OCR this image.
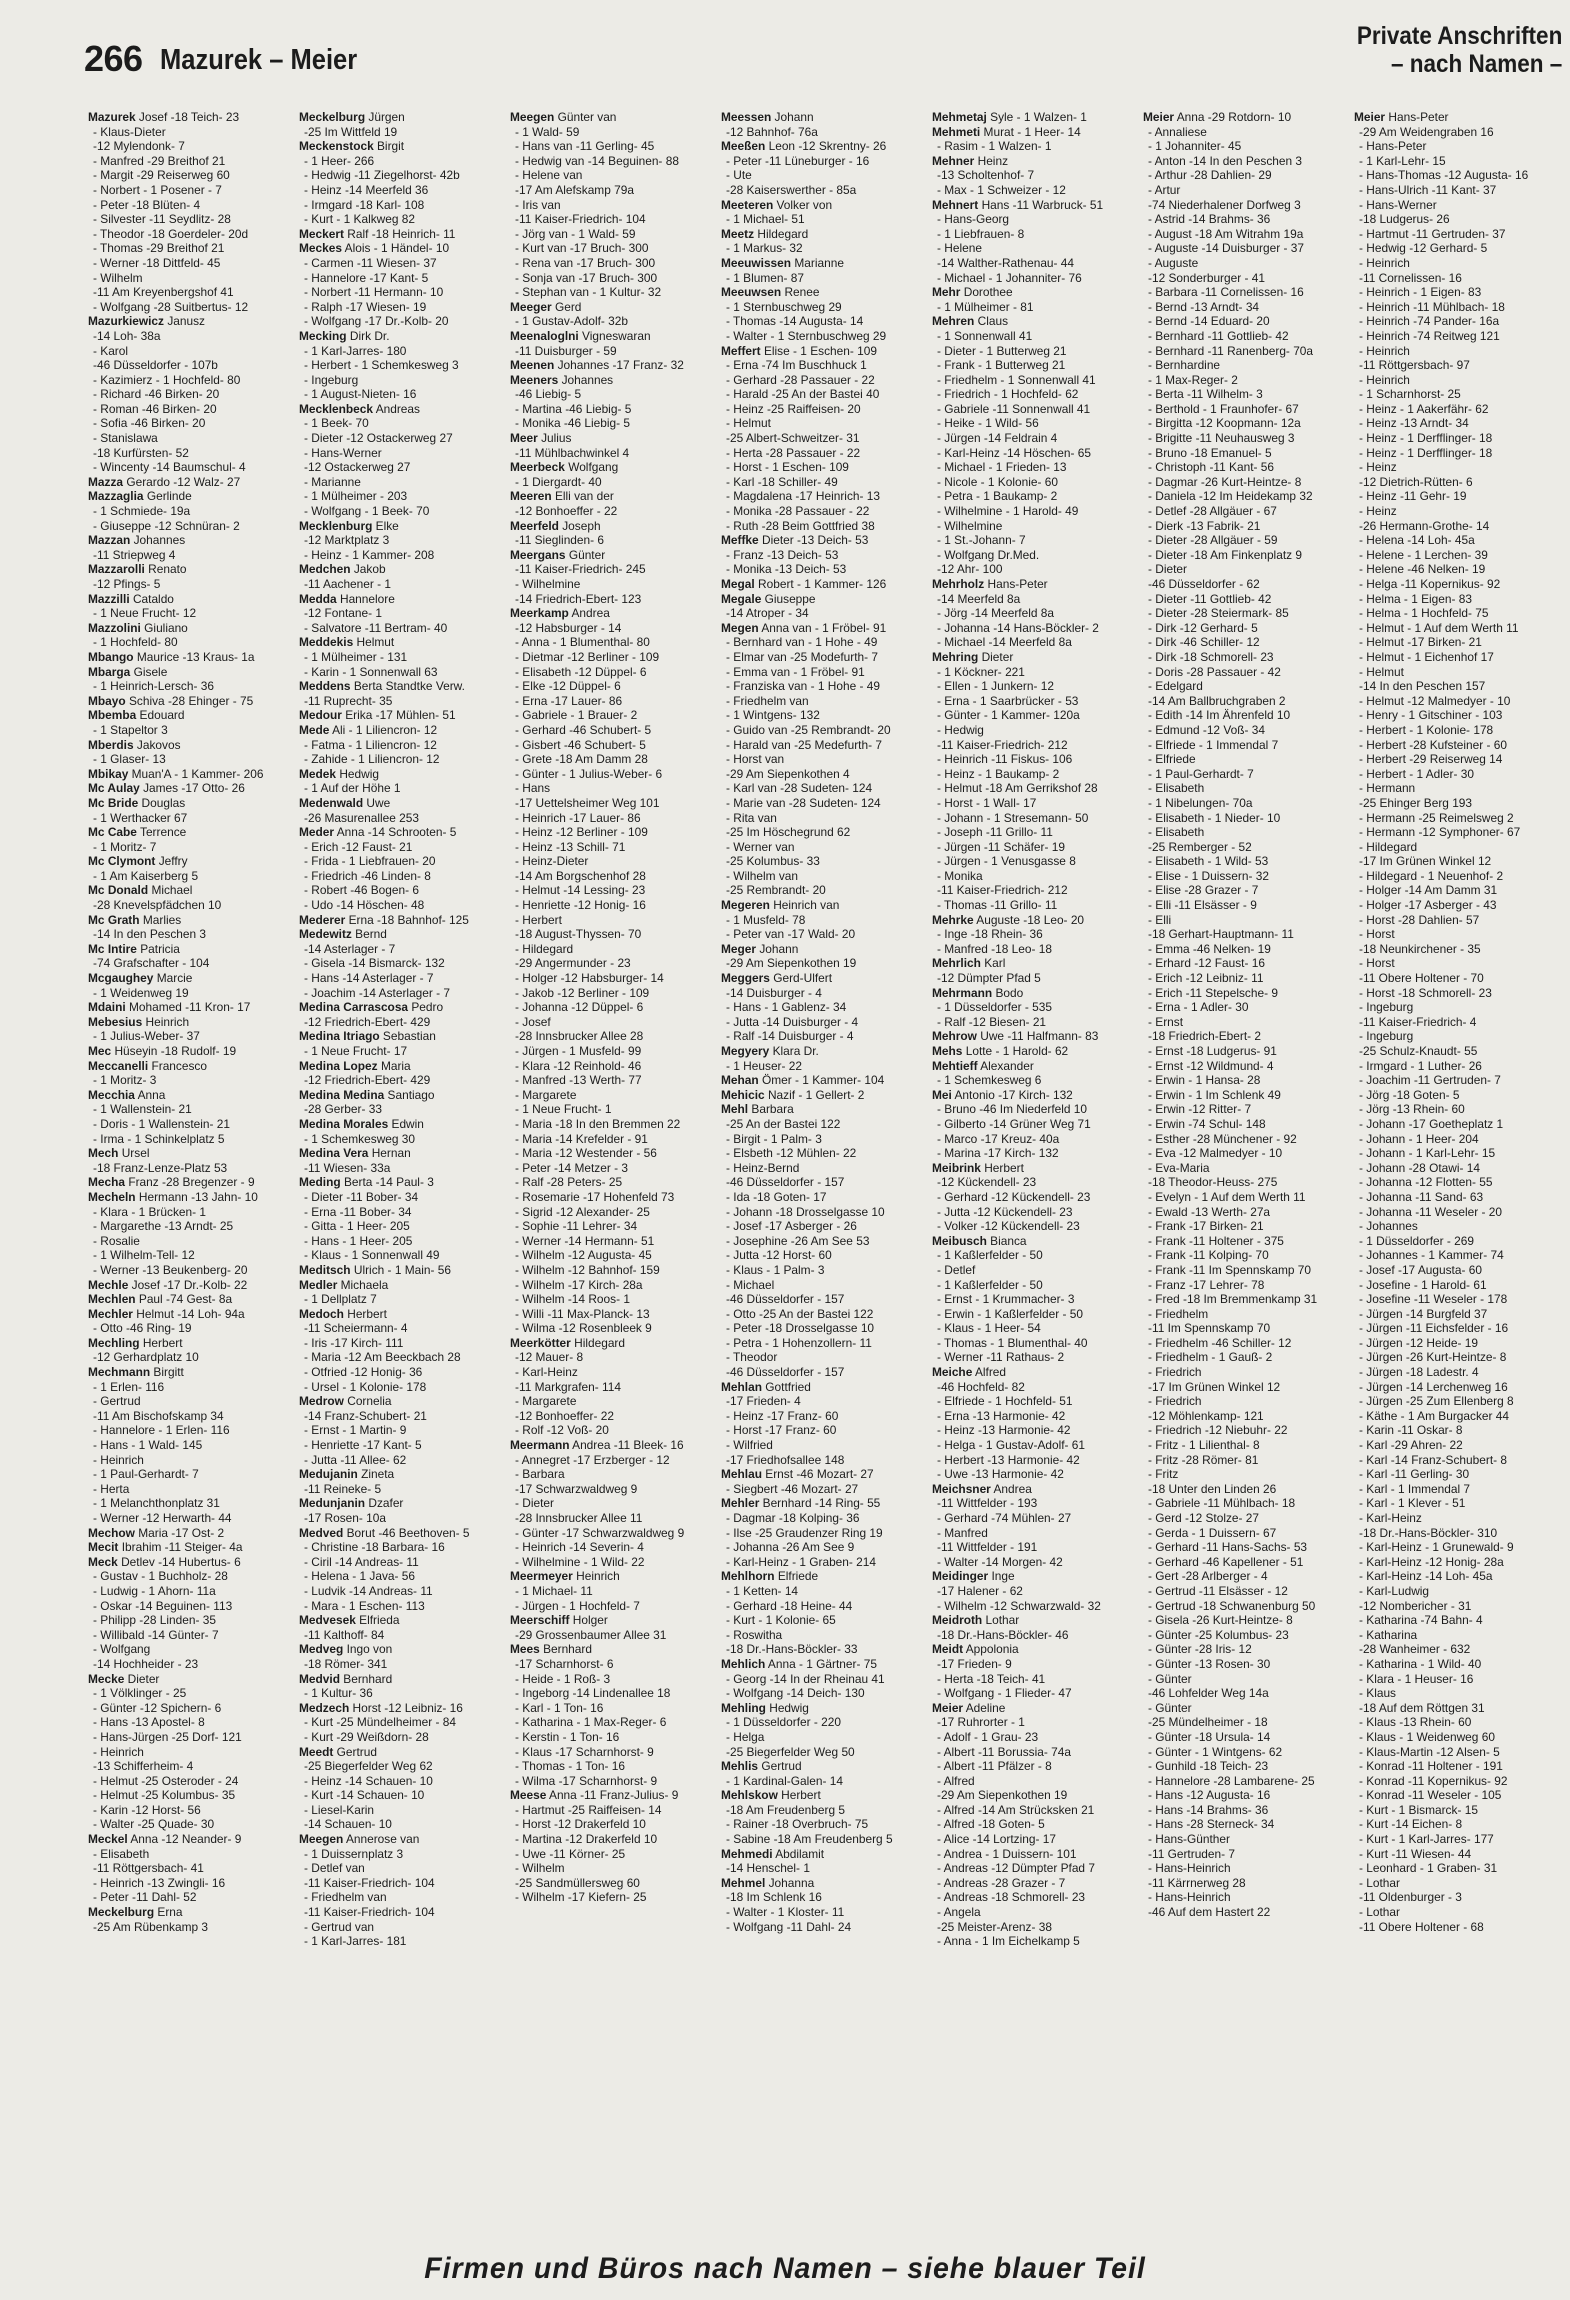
266 Mazurek – Meier
Private Anschriften
– nach Namen –
Mazurek Josef -18 Teich- 23
- Klaus-Dieter
-12 Mylendonk- 7
- Manfred -29 Breithof 21
- Margit -29 Reiserweg 60
- Norbert - 1 Posener - 7
- Peter -18 Blüten- 4
- Silvester -11 Seydlitz- 28
- Theodor -18 Goerdeler- 20d
- Thomas -29 Breithof 21
- Werner -18 Dittfeld- 45
- Wilhelm
-11 Am Kreyenbergshof 41
- Wolfgang -28 Suitbertus- 12
Mazurkiewicz Janusz
-14 Loh- 38a
- Karol
-46 Düsseldorfer - 107b
- Kazimierz - 1 Hochfeld- 80
- Richard -46 Birken- 20
- Roman -46 Birken- 20
- Sofia -46 Birken- 20
- Stanislawa
-18 Kurfürsten- 52
- Wincenty -14 Baumschul- 4
Mazza Gerardo -12 Walz- 27
Mazzaglia Gerlinde
- 1 Schmiede- 19a
- Giuseppe -12 Schnüran- 2
Mazzan Johannes
-11 Striepweg 4
Mazzarolli Renato
-12 Pfings- 5
Mazzilli Cataldo
- 1 Neue Frucht- 12
Mazzolini Giuliano
- 1 Hochfeld- 80
Mbango Maurice -13 Kraus- 1a
Mbarga Gisele
- 1 Heinrich-Lersch- 36
Mbayo Schiva -28 Ehinger - 75
Mbemba Edouard
- 1 Stapeltor 3
Mberdis Jakovos
- 1 Glaser- 13
Mbikay Muan'A - 1 Kammer- 206
Mc Aulay James -17 Otto- 26
Mc Bride Douglas
- 1 Werthacker 67
Mc Cabe Terrence
- 1 Moritz- 7
Mc Clymont Jeffry
- 1 Am Kaiserberg 5
Mc Donald Michael
-28 Knevelspfädchen 10
Mc Grath Marlies
-14 In den Peschen 3
Mc Intire Patricia
-74 Grafschafter - 104
Mcgaughey Marcie
- 1 Weidenweg 19
Mdaini Mohamed -11 Kron- 17
Mebesius Heinrich
- 1 Julius-Weber- 37
Mec Hüseyin -18 Rudolf- 19
Meccanelli Francesco
- 1 Moritz- 3
Mecchia Anna
- 1 Wallenstein- 21
- Doris - 1 Wallenstein- 21
- Irma - 1 Schinkelplatz 5
Mech Ursel
-18 Franz-Lenze-Platz 53
Mecha Franz -28 Bregenzer - 9
Mecheln Hermann -13 Jahn- 10
- Klara - 1 Brücken- 1
- Margarethe -13 Arndt- 25
- Rosalie
- 1 Wilhelm-Tell- 12
- Werner -13 Beukenberg- 20
Mechle Josef -17 Dr.-Kolb- 22
Mechlen Paul -74 Gest- 8a
Mechler Helmut -14 Loh- 94a
- Otto -46 Ring- 19
Mechling Herbert
-12 Gerhardplatz 10
Mechmann Birgitt
- 1 Erlen- 116
- Gertrud
-11 Am Bischofskamp 34
- Hannelore - 1 Erlen- 116
- Hans - 1 Wald- 145
- Heinrich
- 1 Paul-Gerhardt- 7
- Herta
- 1 Melanchthonplatz 31
- Werner -12 Herwarth- 44
Mechow Maria -17 Ost- 2
Mecit Ibrahim -11 Steiger- 4a
Meck Detlev -14 Hubertus- 6
- Gustav - 1 Buchholz- 28
- Ludwig - 1 Ahorn- 11a
- Oskar -14 Beguinen- 113
- Philipp -28 Linden- 35
- Willibald -14 Günter- 7
- Wolfgang
-14 Hochheider - 23
Mecke Dieter
- 1 Völklinger - 25
- Günter -12 Spichern- 6
- Hans -13 Apostel- 8
- Hans-Jürgen -25 Dorf- 121
- Heinrich
-13 Schifferheim- 4
- Helmut -25 Osteroder - 24
- Helmut -25 Kolumbus- 35
- Karin -12 Horst- 56
- Walter -25 Quade- 30
Meckel Anna -12 Neander- 9
- Elisabeth
-11 Röttgersbach- 41
- Heinrich -13 Zwingli- 16
- Peter -11 Dahl- 52
Meckelburg Erna
-25 Am Rübenkamp 3
Meckelburg Jürgen
-25 Im Wittfeld 19
Meckenstock Birgit
- 1 Heer- 266
- Hedwig -11 Ziegelhorst- 42b
- Heinz -14 Meerfeld 36
- Irmgard -18 Karl- 108
- Kurt - 1 Kalkweg 82
Meckert Ralf -18 Heinrich- 11
Meckes Alois - 1 Händel- 10
- Carmen -11 Wiesen- 37
- Hannelore -17 Kant- 5
- Norbert -11 Hermann- 10
- Ralph -17 Wiesen- 19
- Wolfgang -17 Dr.-Kolb- 20
Mecking Dirk Dr.
- 1 Karl-Jarres- 180
- Herbert - 1 Schemkesweg 3
- Ingeburg
- 1 August-Nieten- 16
Mecklenbeck Andreas
- 1 Beek- 70
- Dieter -12 Ostackerweg 27
- Hans-Werner
-12 Ostackerweg 27
- Marianne
- 1 Mülheimer - 203
- Wolfgang - 1 Beek- 70
Mecklenburg Elke
-12 Marktplatz 3
- Heinz - 1 Kammer- 208
Medchen Jakob
-11 Aachener - 1
Medda Hannelore
-12 Fontane- 1
- Salvatore -11 Bertram- 40
Meddekis Helmut
- 1 Mülheimer - 131
- Karin - 1 Sonnenwall 63
Meddens Berta Standtke Verw.
-11 Ruprecht- 35
Medour Erika -17 Mühlen- 51
Mede Ali - 1 Liliencron- 12
- Fatma - 1 Liliencron- 12
- Zahide - 1 Liliencron- 12
Medek Hedwig
- 1 Auf der Höhe 1
Medenwald Uwe
-26 Masurenallee 253
Meder Anna -14 Schrooten- 5
- Erich -12 Faust- 21
- Frida - 1 Liebfrauen- 20
- Friedrich -46 Linden- 8
- Robert -46 Bogen- 6
- Udo -14 Höschen- 48
Mederer Erna -18 Bahnhof- 125
Medewitz Bernd
-14 Asterlager - 7
- Gisela -14 Bismarck- 132
- Hans -14 Asterlager - 7
- Joachim -14 Asterlager - 7
Medina Carrascosa Pedro
-12 Friedrich-Ebert- 429
Medina Itriago Sebastian
- 1 Neue Frucht- 17
Medina Lopez Maria
-12 Friedrich-Ebert- 429
Medina Medina Santiago
-28 Gerber- 33
Medina Morales Edwin
- 1 Schemkesweg 30
Medina Vera Hernan
-11 Wiesen- 33a
Meding Berta -14 Paul- 3
- Dieter -11 Bober- 34
- Erna -11 Bober- 34
- Gitta - 1 Heer- 205
- Hans - 1 Heer- 205
- Klaus - 1 Sonnenwall 49
Meditsch Ulrich - 1 Main- 56
Medler Michaela
- 1 Dellplatz 7
Medoch Herbert
-11 Scheiermann- 4
- Iris -17 Kirch- 111
- Maria -12 Am Beeckbach 28
- Otfried -12 Honig- 36
- Ursel - 1 Kolonie- 178
Medrow Cornelia
-14 Franz-Schubert- 21
- Ernst - 1 Martin- 9
- Henriette -17 Kant- 5
- Jutta -11 Allee- 62
Medujanin Zineta
-11 Reineke- 5
Medunjanin Dzafer
-17 Rosen- 10a
Medved Borut -46 Beethoven- 5
- Christine -18 Barbara- 16
- Ciril -14 Andreas- 11
- Helena - 1 Java- 56
- Ludvik -14 Andreas- 11
- Mara - 1 Eschen- 113
Medvesek Elfrieda
-11 Kalthoff- 84
Medveg Ingo von
-18 Römer- 341
Medvid Bernhard
- 1 Kultur- 36
Medzech Horst -12 Leibniz- 16
- Kurt -25 Mündelheimer - 84
- Kurt -29 Weißdorn- 28
Meedt Gertrud
-25 Biegerfelder Weg 62
- Heinz -14 Schauen- 10
- Kurt -14 Schauen- 10
- Liesel-Karin
-14 Schauen- 10
Meegen Annerose van
- 1 Duissernplatz 3
- Detlef van
-11 Kaiser-Friedrich- 104
- Friedhelm van
-11 Kaiser-Friedrich- 104
- Gertrud van
- 1 Karl-Jarres- 181
Meegen Günter van
- 1 Wald- 59
- Hans van -11 Gerling- 45
- Hedwig van -14 Beguinen- 88
- Helene van
-17 Am Alefskamp 79a
- Iris van
-11 Kaiser-Friedrich- 104
- Jörg van - 1 Wald- 59
- Kurt van -17 Bruch- 300
- Rena van -17 Bruch- 300
- Sonja van -17 Bruch- 300
- Stephan van - 1 Kultur- 32
Meeger Gerd
- 1 Gustav-Adolf- 32b
Meenaloglni Vigneswaran
-11 Duisburger - 59
Meenen Johannes -17 Franz- 32
Meeners Johannes
-46 Liebig- 5
- Martina -46 Liebig- 5
- Monika -46 Liebig- 5
Meer Julius
-11 Mühlbachwinkel 4
Meerbeck Wolfgang
- 1 Diergardt- 40
Meeren Elli van der
-12 Bonhoeffer - 22
Meerfeld Joseph
-11 Sieglinden- 6
Meergans Günter
-11 Kaiser-Friedrich- 245
- Wilhelmine
-14 Friedrich-Ebert- 123
Meerkamp Andrea
-12 Habsburger - 14
- Anna - 1 Blumenthal- 80
- Dietmar -12 Berliner - 109
- Elisabeth -12 Düppel- 6
- Elke -12 Düppel- 6
- Erna -17 Lauer- 86
- Gabriele - 1 Brauer- 2
- Gerhard -46 Schubert- 5
- Gisbert -46 Schubert- 5
- Grete -18 Am Damm 28
- Günter - 1 Julius-Weber- 6
- Hans
-17 Uettelsheimer Weg 101
- Heinrich -17 Lauer- 86
- Heinz -12 Berliner - 109
- Heinz -13 Schill- 71
- Heinz-Dieter
-14 Am Borgschenhof 28
- Helmut -14 Lessing- 23
- Henriette -12 Honig- 16
- Herbert
-18 August-Thyssen- 70
- Hildegard
-29 Angermunder - 23
- Holger -12 Habsburger- 14
- Jakob -12 Berliner - 109
- Johanna -12 Düppel- 6
- Josef
-28 Innsbrucker Allee 28
- Jürgen - 1 Musfeld- 99
- Klara -12 Reinhold- 46
- Manfred -13 Werth- 77
- Margarete
- 1 Neue Frucht- 1
- Maria -18 In den Bremmen 22
- Maria -14 Krefelder - 91
- Maria -12 Westender - 56
- Peter -14 Metzer - 3
- Ralf -28 Peters- 25
- Rosemarie -17 Hohenfeld 73
- Sigrid -12 Alexander- 25
- Sophie -11 Lehrer- 34
- Werner -14 Hermann- 51
- Wilhelm -12 Augusta- 45
- Wilhelm -12 Bahnhof- 159
- Wilhelm -17 Kirch- 28a
- Wilhelm -14 Roos- 1
- Willi -11 Max-Planck- 13
- Wilma -12 Rosenbleek 9
Meerkötter Hildegard
-12 Mauer- 8
- Karl-Heinz
-11 Markgrafen- 114
- Margarete
-12 Bonhoeffer- 22
- Rolf -12 Voß- 20
Meermann Andrea -11 Bleek- 16
- Annegret -17 Erzberger - 12
- Barbara
-17 Schwarzwaldweg 9
- Dieter
-28 Innsbrucker Allee 11
- Günter -17 Schwarzwaldweg 9
- Heinrich -14 Severin- 4
- Wilhelmine - 1 Wild- 22
Meermeyer Heinrich
- 1 Michael- 11
- Jürgen - 1 Hochfeld- 7
Meerschiff Holger
-29 Grossenbaumer Allee 31
Mees Bernhard
-17 Scharnhorst- 6
- Heide - 1 Roß- 3
- Ingeborg -14 Lindenallee 18
- Karl - 1 Ton- 16
- Katharina - 1 Max-Reger- 6
- Kerstin - 1 Ton- 16
- Klaus -17 Scharnhorst- 9
- Thomas - 1 Ton- 16
- Wilma -17 Scharnhorst- 9
Meese Anna -11 Franz-Julius- 9
- Hartmut -25 Raiffeisen- 14
- Horst -12 Drakerfeld 10
- Martina -12 Drakerfeld 10
- Uwe -11 Körner- 25
- Wilhelm
-25 Sandmüllersweg 60
- Wilhelm -17 Kiefern- 25
Meessen Johann
-12 Bahnhof- 76a
Meeßen Leon -12 Skrentny- 26
- Peter -11 Lüneburger - 16
- Ute
-28 Kaiserswerther - 85a
Meeteren Volker von
- 1 Michael- 51
Meetz Hildegard
- 1 Markus- 32
Meeuwissen Marianne
- 1 Blumen- 87
Meeuwsen Renee
- 1 Sternbuschweg 29
- Thomas -14 Augusta- 14
- Walter - 1 Sternbuschweg 29
Meffert Elise - 1 Eschen- 109
- Erna -74 Im Buschhuck 1
- Gerhard -28 Passauer - 22
- Harald -25 An der Bastei 40
- Heinz -25 Raiffeisen- 20
- Helmut
-25 Albert-Schweitzer- 31
- Herta -28 Passauer - 22
- Horst - 1 Eschen- 109
- Karl -18 Schiller- 49
- Magdalena -17 Heinrich- 13
- Monika -28 Passauer - 22
- Ruth -28 Beim Gottfried 38
Meffke Dieter -13 Deich- 53
- Franz -13 Deich- 53
- Monika -13 Deich- 53
Megal Robert - 1 Kammer- 126
Megale Giuseppe
-14 Atroper - 34
Megen Anna van - 1 Fröbel- 91
- Bernhard van - 1 Hohe - 49
- Elmar van -25 Modefurth- 7
- Emma van - 1 Fröbel- 91
- Franziska van - 1 Hohe - 49
- Friedhelm van
- 1 Wintgens- 132
- Guido van -25 Rembrandt- 20
- Harald van -25 Medefurth- 7
- Horst van
-29 Am Siepenkothen 4
- Karl van -28 Sudeten- 124
- Marie van -28 Sudeten- 124
- Rita van
-25 Im Höschegrund 62
- Werner van
-25 Kolumbus- 33
- Wilhelm van
-25 Rembrandt- 20
Megeren Heinrich van
- 1 Musfeld- 78
- Peter van -17 Wald- 20
Meger Johann
-29 Am Siepenkothen 19
Meggers Gerd-Ulfert
-14 Duisburger - 4
- Hans - 1 Gablenz- 34
- Jutta -14 Duisburger - 4
- Ralf -14 Duisburger - 4
Megyery Klara Dr.
- 1 Heuser- 22
Mehan Ömer - 1 Kammer- 104
Mehicic Nazif - 1 Gellert- 2
Mehl Barbara
-25 An der Bastei 122
- Birgit - 1 Palm- 3
- Elsbeth -12 Mühlen- 22
- Heinz-Bernd
-46 Düsseldorfer - 157
- Ida -18 Goten- 17
- Johann -18 Drosselgasse 10
- Josef -17 Asberger - 26
- Josephine -26 Am See 53
- Jutta -12 Horst- 60
- Klaus - 1 Palm- 3
- Michael
-46 Düsseldorfer - 157
- Otto -25 An der Bastei 122
- Peter -18 Drosselgasse 10
- Petra - 1 Hohenzollern- 11
- Theodor
-46 Düsseldorfer - 157
Mehlan Gottfried
-17 Frieden- 4
- Heinz -17 Franz- 60
- Horst -17 Franz- 60
- Wilfried
-17 Friedhofsallee 148
Mehlau Ernst -46 Mozart- 27
- Siegbert -46 Mozart- 27
Mehler Bernhard -14 Ring- 55
- Dagmar -18 Kolping- 36
- Ilse -25 Graudenzer Ring 19
- Johanna -26 Am See 9
- Karl-Heinz - 1 Graben- 214
Mehlhorn Elfriede
- 1 Ketten- 14
- Gerhard -18 Heine- 44
- Kurt - 1 Kolonie- 65
- Roswitha
-18 Dr.-Hans-Böckler- 33
Mehlich Anna - 1 Gärtner- 75
- Georg -14 In der Rheinau 41
- Wolfgang -14 Deich- 130
Mehling Hedwig
- 1 Düsseldorfer - 220
- Helga
-25 Biegerfelder Weg 50
Mehlis Gertrud
- 1 Kardinal-Galen- 14
Mehlskow Herbert
-18 Am Freudenberg 5
- Rainer -18 Overbruch- 75
- Sabine -18 Am Freudenberg 5
Mehmedi Abdilamit
-14 Henschel- 1
Mehmel Johanna
-18 Im Schlenk 16
- Walter - 1 Kloster- 11
- Wolfgang -11 Dahl- 24
Mehmetaj Syle - 1 Walzen- 1
Mehmeti Murat - 1 Heer- 14
- Rasim - 1 Walzen- 1
Mehner Heinz
-13 Scholtenhof- 7
- Max - 1 Schweizer - 12
Mehnert Hans -11 Warbruck- 51
- Hans-Georg
- 1 Liebfrauen- 8
- Helene
-14 Walther-Rathenau- 44
- Michael - 1 Johanniter- 76
Mehr Dorothee
- 1 Mülheimer - 81
Mehren Claus
- 1 Sonnenwall 41
- Dieter - 1 Butterweg 21
- Frank - 1 Butterweg 21
- Friedhelm - 1 Sonnenwall 41
- Friedrich - 1 Hochfeld- 62
- Gabriele -11 Sonnenwall 41
- Heike - 1 Wild- 56
- Jürgen -14 Feldrain 4
- Karl-Heinz -14 Höschen- 65
- Michael - 1 Frieden- 13
- Nicole - 1 Kolonie- 60
- Petra - 1 Baukamp- 2
- Wilhelmine - 1 Harold- 49
- Wilhelmine
- 1 St.-Johann- 7
- Wolfgang Dr.Med.
-12 Ahr- 100
Mehrholz Hans-Peter
-14 Meerfeld 8a
- Jörg -14 Meerfeld 8a
- Johanna -14 Hans-Böckler- 2
- Michael -14 Meerfeld 8a
Mehring Dieter
- 1 Köckner- 221
- Ellen - 1 Junkern- 12
- Erna - 1 Saarbrücker - 53
- Günter - 1 Kammer- 120a
- Hedwig
-11 Kaiser-Friedrich- 212
- Heinrich -11 Fiskus- 106
- Heinz - 1 Baukamp- 2
- Helmut -18 Am Gerrikshof 28
- Horst - 1 Wall- 17
- Johann - 1 Stresemann- 50
- Joseph -11 Grillo- 11
- Jürgen -11 Schäfer- 19
- Jürgen - 1 Venusgasse 8
- Monika
-11 Kaiser-Friedrich- 212
- Thomas -11 Grillo- 11
Mehrke Auguste -18 Leo- 20
- Inge -18 Rhein- 36
- Manfred -18 Leo- 18
Mehrlich Karl
-12 Dümpter Pfad 5
Mehrmann Bodo
- 1 Düsseldorfer - 535
- Ralf -12 Biesen- 21
Mehrow Uwe -11 Halfmann- 83
Mehs Lotte - 1 Harold- 62
Mehtieff Alexander
- 1 Schemkesweg 6
Mei Antonio -17 Kirch- 132
- Bruno -46 Im Niederfeld 10
- Gilberto -14 Grüner Weg 71
- Marco -17 Kreuz- 40a
- Marina -17 Kirch- 132
Meibrink Herbert
-12 Kückendell- 23
- Gerhard -12 Kückendell- 23
- Jutta -12 Kückendell- 23
- Volker -12 Kückendell- 23
Meibusch Bianca
- 1 Kaßlerfelder - 50
- Detlef
- 1 Kaßlerfelder - 50
- Ernst - 1 Krummacher- 3
- Erwin - 1 Kaßlerfelder - 50
- Klaus - 1 Heer- 54
- Thomas - 1 Blumenthal- 40
- Werner -11 Rathaus- 2
Meiche Alfred
-46 Hochfeld- 82
- Elfriede - 1 Hochfeld- 51
- Erna -13 Harmonie- 42
- Heinz -13 Harmonie- 42
- Helga - 1 Gustav-Adolf- 61
- Herbert -13 Harmonie- 42
- Uwe -13 Harmonie- 42
Meichsner Andrea
-11 Wittfelder - 193
- Gerhard -74 Mühlen- 27
- Manfred
-11 Wittfelder - 191
- Walter -14 Morgen- 42
Meidinger Inge
-17 Halener - 62
- Wilhelm -12 Schwarzwald- 32
Meidroth Lothar
-18 Dr.-Hans-Böckler- 46
Meidt Appolonia
-17 Frieden- 9
- Herta -18 Teich- 41
- Wolfgang - 1 Flieder- 47
Meier Adeline
-17 Ruhrorter - 1
- Adolf - 1 Grau- 23
- Albert -11 Borussia- 74a
- Albert -11 Pfälzer - 8
- Alfred
-29 Am Siepenkothen 19
- Alfred -14 Am Strücksken 21
- Alfred -18 Goten- 5
- Alice -14 Lortzing- 17
- Andrea - 1 Duissern- 101
- Andreas -12 Dümpter Pfad 7
- Andreas -28 Grazer - 7
- Andreas -18 Schmorell- 23
- Angela
-25 Meister-Arenz- 38
- Anna - 1 Im Eichelkamp 5
Meier Anna -29 Rotdorn- 10
- Annaliese
- 1 Johanniter- 45
- Anton -14 In den Peschen 3
- Arthur -28 Dahlien- 29
- Artur
-74 Niederhalener Dorfweg 3
- Astrid -14 Brahms- 36
- August -18 Am Witrahm 19a
- Auguste -14 Duisburger - 37
- Auguste
-12 Sonderburger - 41
- Barbara -11 Cornelissen- 16
- Bernd -13 Arndt- 34
- Bernd -14 Eduard- 20
- Bernhard -11 Gottlieb- 42
- Bernhard -11 Ranenberg- 70a
- Bernhardine
- 1 Max-Reger- 2
- Berta -11 Wilhelm- 3
- Berthold - 1 Fraunhofer- 67
- Birgitta -12 Koopmann- 12a
- Brigitte -11 Neuhausweg 3
- Bruno -18 Emanuel- 5
- Christoph -11 Kant- 56
- Dagmar -26 Kurt-Heintze- 8
- Daniela -12 Im Heidekamp 32
- Detlef -28 Allgäuer - 67
- Dierk -13 Fabrik- 21
- Dieter -28 Allgäuer - 59
- Dieter -18 Am Finkenplatz 9
- Dieter
-46 Düsseldorfer - 62
- Dieter -11 Gottlieb- 42
- Dieter -28 Steiermark- 85
- Dirk -12 Gerhard- 5
- Dirk -46 Schiller- 12
- Dirk -18 Schmorell- 23
- Doris -28 Passauer - 42
- Edelgard
-14 Am Ballbruchgraben 2
- Edith -14 Im Ährenfeld 10
- Edmund -12 Voß- 34
- Elfriede - 1 Immendal 7
- Elfriede
- 1 Paul-Gerhardt- 7
- Elisabeth
- 1 Nibelungen- 70a
- Elisabeth - 1 Nieder- 10
- Elisabeth
-25 Remberger - 52
- Elisabeth - 1 Wild- 53
- Elise - 1 Duissern- 32
- Elise -28 Grazer - 7
- Elli -11 Elsässer - 9
- Elli
-18 Gerhart-Hauptmann- 11
- Emma -46 Nelken- 19
- Erhard -12 Faust- 16
- Erich -12 Leibniz- 11
- Erich -11 Stepelsche- 9
- Erna - 1 Adler- 30
- Ernst
-18 Friedrich-Ebert- 2
- Ernst -18 Ludgerus- 91
- Ernst -12 Wildmund- 4
- Erwin - 1 Hansa- 28
- Erwin - 1 Im Schlenk 49
- Erwin -12 Ritter- 7
- Erwin -74 Schul- 148
- Esther -28 Münchener - 92
- Eva -12 Malmedyer - 10
- Eva-Maria
-18 Theodor-Heuss- 275
- Evelyn - 1 Auf dem Werth 11
- Ewald -13 Werth- 27a
- Frank -17 Birken- 21
- Frank -11 Holtener - 375
- Frank -11 Kolping- 70
- Frank -11 Im Spennskamp 70
- Franz -17 Lehrer- 78
- Fred -18 Im Bremmenkamp 31
- Friedhelm
-11 Im Spennskamp 70
- Friedhelm -46 Schiller- 12
- Friedhelm - 1 Gauß- 2
- Friedrich
-17 Im Grünen Winkel 12
- Friedrich
-12 Möhlenkamp- 121
- Friedrich -12 Niebuhr- 22
- Fritz - 1 Lilienthal- 8
- Fritz -28 Römer- 81
- Fritz
-18 Unter den Linden 26
- Gabriele -11 Mühlbach- 18
- Gerd -12 Stolze- 27
- Gerda - 1 Duissern- 67
- Gerhard -11 Hans-Sachs- 53
- Gerhard -46 Kapellener - 51
- Gert -28 Arlberger - 4
- Gertrud -11 Elsässer - 12
- Gertrud -18 Schwanenburg 50
- Gisela -26 Kurt-Heintze- 8
- Günter -25 Kolumbus- 23
- Günter -28 Iris- 12
- Günter -13 Rosen- 30
- Günter
-46 Lohfelder Weg 14a
- Günter
-25 Mündelheimer - 18
- Günter -18 Ursula- 14
- Günter - 1 Wintgens- 62
- Gunhild -18 Teich- 23
- Hannelore -28 Lambarene- 25
- Hans -12 Augusta- 16
- Hans -14 Brahms- 36
- Hans -28 Sterneck- 34
- Hans-Günther
-11 Gertruden- 7
- Hans-Heinrich
-11 Kärrnerweg 28
- Hans-Heinrich
-46 Auf dem Hastert 22
Meier Hans-Peter
-29 Am Weidengraben 16
- Hans-Peter
- 1 Karl-Lehr- 15
- Hans-Thomas -12 Augusta- 16
- Hans-Ulrich -11 Kant- 37
- Hans-Werner
-18 Ludgerus- 26
- Hartmut -11 Gertruden- 37
- Hedwig -12 Gerhard- 5
- Heinrich
-11 Cornelissen- 16
- Heinrich - 1 Eigen- 83
- Heinrich -11 Mühlbach- 18
- Heinrich -74 Pander- 16a
- Heinrich -74 Reitweg 121
- Heinrich
-11 Röttgersbach- 97
- Heinrich
- 1 Scharnhorst- 25
- Heinz - 1 Aakerfähr- 62
- Heinz -13 Arndt- 34
- Heinz - 1 Derfflinger- 18
- Heinz - 1 Derfflinger- 18
- Heinz
-12 Dietrich-Rütten- 6
- Heinz -11 Gehr- 19
- Heinz
-26 Hermann-Grothe- 14
- Helena -14 Loh- 45a
- Helene - 1 Lerchen- 39
- Helene -46 Nelken- 19
- Helga -11 Kopernikus- 92
- Helma - 1 Eigen- 83
- Helma - 1 Hochfeld- 75
- Helmut - 1 Auf dem Werth 11
- Helmut -17 Birken- 21
- Helmut - 1 Eichenhof 17
- Helmut
-14 In den Peschen 157
- Helmut -12 Malmedyer - 10
- Henry - 1 Gitschiner - 103
- Herbert - 1 Kolonie- 178
- Herbert -28 Kufsteiner - 60
- Herbert -29 Reiserweg 14
- Herbert - 1 Adler- 30
- Hermann
-25 Ehinger Berg 193
- Hermann -25 Reimelsweg 2
- Hermann -12 Symphoner- 67
- Hildegard
-17 Im Grünen Winkel 12
- Hildegard - 1 Neuenhof- 2
- Holger -14 Am Damm 31
- Holger -17 Asberger - 43
- Horst -28 Dahlien- 57
- Horst
-18 Neunkirchener - 35
- Horst
-11 Obere Holtener - 70
- Horst -18 Schmorell- 23
- Ingeburg
-11 Kaiser-Friedrich- 4
- Ingeburg
-25 Schulz-Knaudt- 55
- Irmgard - 1 Luther- 26
- Joachim -11 Gertruden- 7
- Jörg -18 Goten- 5
- Jörg -13 Rhein- 60
- Johann -17 Goetheplatz 1
- Johann - 1 Heer- 204
- Johann - 1 Karl-Lehr- 15
- Johann -28 Otawi- 14
- Johanna -12 Flotten- 55
- Johanna -11 Sand- 63
- Johanna -11 Weseler - 20
- Johannes
- 1 Düsseldorfer - 269
- Johannes - 1 Kammer- 74
- Josef -17 Augusta- 60
- Josefine - 1 Harold- 61
- Josefine -11 Weseler - 178
- Jürgen -14 Burgfeld 37
- Jürgen -11 Eichsfelder - 16
- Jürgen -12 Heide- 19
- Jürgen -26 Kurt-Heintze- 8
- Jürgen -18 Ladestr. 4
- Jürgen -14 Lerchenweg 16
- Jürgen -25 Zum Ellenberg 8
- Käthe - 1 Am Burgacker 44
- Karin -11 Oskar- 8
- Karl -29 Ahren- 22
- Karl -14 Franz-Schubert- 8
- Karl -11 Gerling- 30
- Karl - 1 Immendal 7
- Karl - 1 Klever - 51
- Karl-Heinz
-18 Dr.-Hans-Böckler- 310
- Karl-Heinz - 1 Grunewald- 9
- Karl-Heinz -12 Honig- 28a
- Karl-Heinz -14 Loh- 45a
- Karl-Ludwig
-12 Nombericher - 31
- Katharina -74 Bahn- 4
- Katharina
-28 Wanheimer - 632
- Katharina - 1 Wild- 40
- Klara - 1 Heuser- 16
- Klaus
-18 Auf dem Röttgen 31
- Klaus -13 Rhein- 60
- Klaus - 1 Weidenweg 60
- Klaus-Martin -12 Alsen- 5
- Konrad -11 Holtener - 191
- Konrad -11 Kopernikus- 92
- Konrad -11 Weseler - 105
- Kurt - 1 Bismarck- 15
- Kurt -14 Eichen- 8
- Kurt - 1 Karl-Jarres- 177
- Kurt -11 Wiesen- 44
- Leonhard - 1 Graben- 31
- Lothar
-11 Oldenburger - 3
- Lothar
-11 Obere Holtener - 68
Firmen und Büros nach Namen – siehe blauer Teil
